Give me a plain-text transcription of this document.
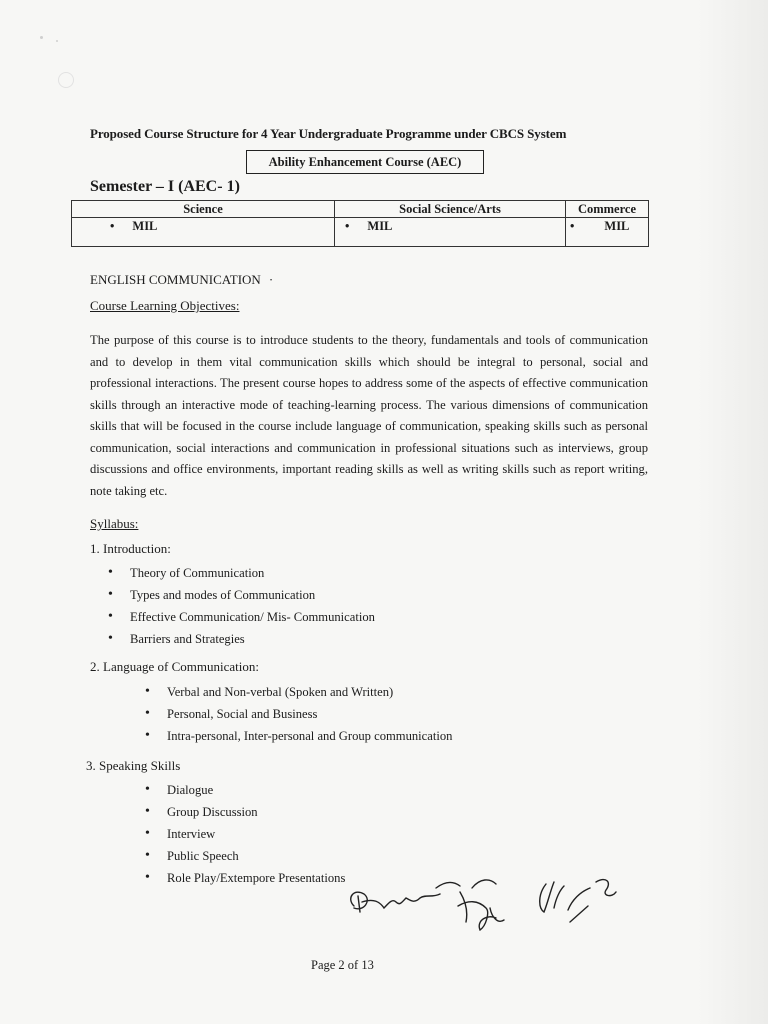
Proposed Course Structure for 4 Year Undergraduate Programme under CBCS System
Ability Enhancement Course (AEC)
Semester – I (AEC- 1)
Science	Social Science/Arts	Commerce
• MIL	• MIL	• MIL
ENGLISH COMMUNICATION ·
Course Learning Objectives:
The purpose of this course is to introduce students to the theory, fundamentals and tools of communication and to develop in them vital communication skills which should be integral to personal, social and professional interactions. The present course hopes to address some of the aspects of effective communication skills through an interactive mode of teaching-learning process. The various dimensions of communication skills that will be focused in the course include language of communication, speaking skills such as personal communication, social interactions and communication in professional situations such as interviews, group discussions and office environments, important reading skills as well as writing skills such as report writing, note taking etc.
Syllabus:
1. Introduction:
• Theory of Communication
• Types and modes of Communication
• Effective Communication/ Mis- Communication
• Barriers and Strategies
2. Language of Communication:
• Verbal and Non-verbal (Spoken and Written)
• Personal, Social and Business
• Intra-personal, Inter-personal and Group communication
3. Speaking Skills
• Dialogue
• Group Discussion
• Interview
• Public Speech
• Role Play/Extempore Presentations
Page 2 of 13
